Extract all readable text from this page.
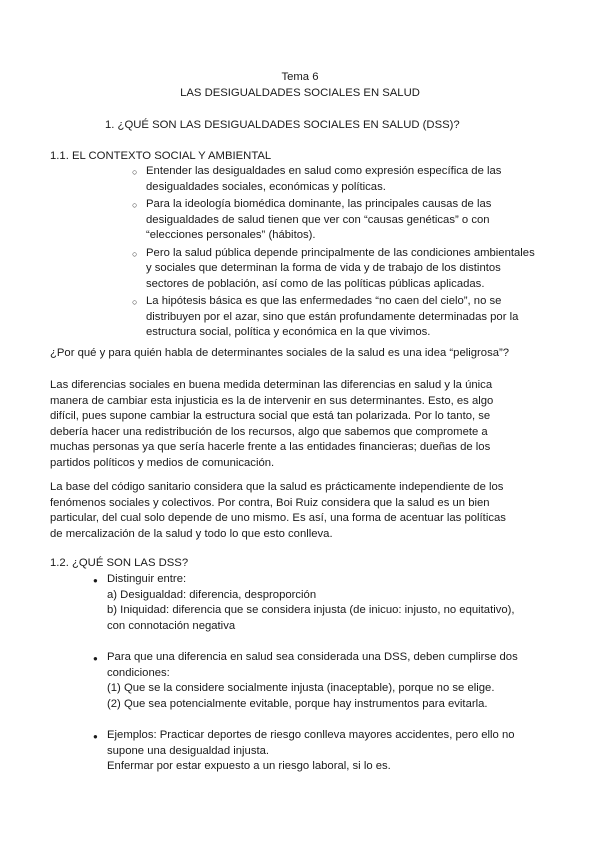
Tema 6

LAS DESIGUALDADES SOCIALES EN SALUD

1. ¿QUÉ SON LAS DESIGUALDADES SOCIALES EN SALUD (DSS)?

1.1. EL CONTEXTO SOCIAL Y AMBIENTAL

○ Entender las desigualdades en salud como expresión específica de las
desigualdades sociales, económicas y políticas.
○ Para la ideología biomédica dominante, las principales causas de las
desigualdades de salud tienen que ver con “causas genéticas” o con
“elecciones personales” (hábitos).
○ Pero la salud pública depende principalmente de las condiciones ambientales
y sociales que determinan la forma de vida y de trabajo de los distintos
sectores de población, así como de las políticas públicas aplicadas.
○ La hipótesis básica es que las enfermedades “no caen del cielo”, no se
distribuyen por el azar, sino que están profundamente determinadas por la
estructura social, política y económica en la que vivimos.

¿Por qué y para quién habla de determinantes sociales de la salud es una idea “peligrosa”?

Las diferencias sociales en buena medida determinan las diferencias en salud y la única
manera de cambiar esta injusticia es la de intervenir en sus determinantes. Esto, es algo
difícil, pues supone cambiar la estructura social que está tan polarizada. Por lo tanto, se
debería hacer una redistribución de los recursos, algo que sabemos que compromete a
muchas personas ya que sería hacerle frente a las entidades financieras; dueñas de los
partidos políticos y medios de comunicación.
La base del código sanitario considera que la salud es prácticamente independiente de los
fenómenos sociales y colectivos. Por contra, Boi Ruiz considera que la salud es un bien
particular, del cual solo depende de uno mismo. Es así, una forma de acentuar las políticas
de mercalización de la salud y todo lo que esto conlleva.

1.2. ¿QUÉ SON LAS DSS?

● Distinguir entre:
a) Desigualdad: diferencia, desproporción
b) Iniquidad: diferencia que se considera injusta (de inicuo: injusto, no equitativo),
con connotación negativa
● Para que una diferencia en salud sea considerada una DSS, deben cumplirse dos
condiciones:
(1) Que se la considere socialmente injusta (inaceptable), porque no se elige.
(2) Que sea potencialmente evitable, porque hay instrumentos para evitarla.
● Ejemplos: Practicar deportes de riesgo conlleva mayores accidentes, pero ello no
supone una desigualdad injusta.
Enfermar por estar expuesto a un riesgo laboral, si lo es.
